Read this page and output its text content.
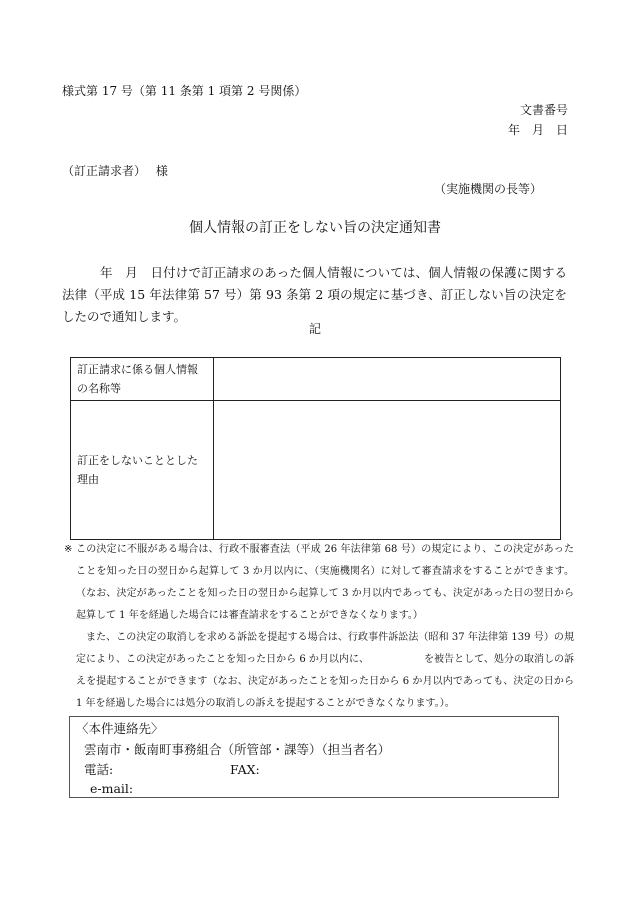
様式第 17 号（第 11 条第 1 項第 2 号関係）
文書番号
年　月　日
（訂正請求者）　 様
（実施機関の長等）
個人情報の訂正をしない旨の決定通知書
年　月　日付けで訂正請求のあった個人情報については、個人情報の保護に関する法律（平成 15 年法律第 57 号）第 93 条第 2 項の規定に基づき、訂正しない旨の決定をしたので通知します。
記
訂正請求に係る個人情報の名称等	
訂正をしないこととした理由	
※ この決定に不服がある場合は、行政不服審査法（平成 26 年法律第 68 号）の規定により、この決定があったことを知った日の翌日から起算して 3 か月以内に、（実施機関名）に対して審査請求をすることができます。（なお、決定があったことを知った日の翌日から起算して 3 か月以内であっても、決定があった日の翌日から起算して 1 年を経過した場合には審査請求をすることができなくなります。）
また、この決定の取消しを求める訴訟を提起する場合は、行政事件訴訟法（昭和 37 年法律第 139 号）の規定により、この決定があったことを知った日から 6 か月以内に、　　　　　　を被告として、処分の取消しの訴えを提起することができます（なお、決定があったことを知った日から 6 か月以内であっても、決定の日から 1 年を経過した場合には処分の取消しの訴えを提起することができなくなります。）。
〈本件連絡先〉
雲南市・飯南町事務組合（所管部・課等）（担当者名）
電話:	FAX:
e-mail:
